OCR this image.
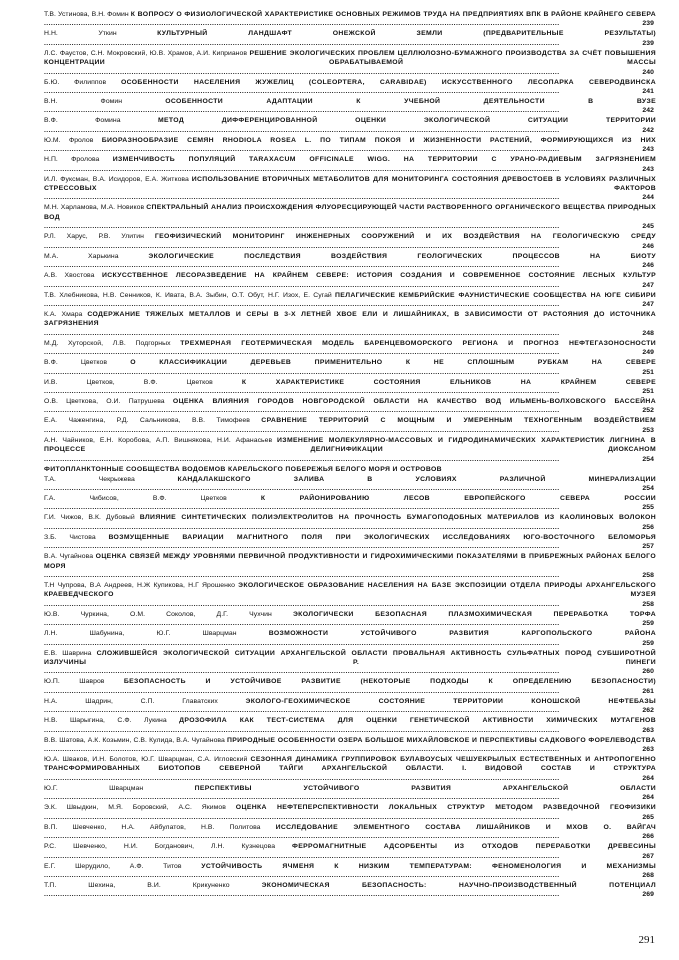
Т.В. Устинова, В.Н. Фомин К ВОПРОСУ О ФИЗИОЛОГИЧЕСКОЙ ХАРАКТЕРИСТИКЕ ОСНОВНЫХ РЕЖИМОВ ТРУДА НА ПРЕДПРИЯТИЯХ ВПК В РАЙОНЕ КРАЙНЕГО СЕВЕРА
.....
239
Н.Н. Уткин	КУЛЬТУРНЫЙ ЛАНДШАФТ ОНЕЖСКОЙ ЗЕМЛИ (ПРЕДВАРИТЕЛЬНЫЕ РЕЗУЛЬТАТЫ)
.....
239
Л.С. Фаустов, С.Н. Мокровский, Ю.В. Храмов, А.И. Киприанов РЕШЕНИЕ ЭКОЛОГИЧЕСКИХ ПРОБЛЕМ ЦЕЛЛЮЛОЗНО-БУМАЖНОГО ПРОИЗВОДСТВА ЗА СЧЁТ ПОВЫШЕНИЯ КОНЦЕНТРАЦИИ ОБРАБАТЫВАЕМОЙ МАССЫ
.....
240
Б.Ю. Филиппов ОСОБЕННОСТИ НАСЕЛЕНИЯ ЖУЖЕЛИЦ (COLEOPTERA, CARABIDAE) ИСКУССТВЕННОГО ЛЕСОПАРКА СЕВЕРОДВИНСКА
.....
241
В.Н. Фомин	ОСОБЕННОСТИ АДАПТАЦИИ К УЧЕБНОЙ ДЕЯТЕЛЬНОСТИ В ВУЗЕ
.....
242
В.Ф. Фомина	МЕТОД ДИФФЕРЕНЦИРОВАННОЙ ОЦЕНКИ ЭКОЛОГИЧЕСКОЙ СИТУАЦИИ ТЕРРИТОРИИ
.....
242
Ю.М. Фролов БИОРАЗНООБРАЗИЕ СЕМЯН RHODIOLA ROSEA L. ПО ТИПАМ ПОКОЯ И ЖИЗНЕННОСТИ РАСТЕНИЙ, ФОРМИРУЮЩИХСЯ ИЗ НИХ
.....
243
Н.П. Фролова ИЗМЕНЧИВОСТЬ ПОПУЛЯЦИЙ TARAXACUM OFFICINALE WIGG. НА ТЕРРИТОРИИ С УРАНО-РАДИЕВЫМ ЗАГРЯЗНЕНИЕМ
.....
243
И.Л. Фуксман, В.А. Исидоров, Е.А. Житкова ИСПОЛЬЗОВАНИЕ ВТОРИЧНЫХ МЕТАБОЛИТОВ ДЛЯ МОНИТОРИНГА СОСТОЯНИЯ ДРЕВОСТОЕВ В УСЛОВИЯХ РАЗЛИЧНЫХ СТРЕССОВЫХ ФАКТОРОВ
.....
244
М.Н. Харламова, М.А. Новиков СПЕКТРАЛЬНЫЙ АНАЛИЗ ПРОИСХОЖДЕНИЯ ФЛУОРЕСЦИРУЮЩЕЙ ЧАСТИ РАСТВОРЕННОГО ОРГАНИЧЕСКОГО ВЕЩЕСТВА ПРИРОДНЫХ ВОД
.....
245
Р.Л. Харус, Р.В. Улитин ГЕОФИЗИЧЕСКИЙ МОНИТОРИНГ ИНЖЕНЕРНЫХ СООРУЖЕНИЙ И ИХ ВОЗДЕЙСТВИЯ НА ГЕОЛОГИЧЕСКУЮ СРЕДУ
.....
246
М.А. Харькина	ЭКОЛОГИЧЕСКИЕ ПОСЛЕДСТВИЯ ВОЗДЕЙСТВИЯ ГЕОЛОГИЧЕСКИХ ПРОЦЕССОВ НА БИОТУ
.....
246
А.В. Хвостова ИСКУССТВЕННОЕ ЛЕСОРАЗВЕДЕНИЕ НА КРАЙНЕМ СЕВЕРЕ: ИСТОРИЯ СОЗДАНИЯ И СОВРЕМЕННОЕ СОСТОЯНИЕ ЛЕСНЫХ КУЛЬТУР
.....
247
Т.В. Хлебникова, Н.В. Сенников, К. Ивата, В.А. Зыбин, О.Т. Обут, Н.Г. Изох, Е. Сугай ПЕЛАГИЧЕСКИЕ КЕМБРИЙСКИЕ ФАУНИСТИЧЕСКИЕ СООБЩЕСТВА НА ЮГЕ СИБИРИ
.....
247
К.А. Хмара СОДЕРЖАНИЕ ТЯЖЕЛЫХ МЕТАЛЛОВ И СЕРЫ В 3-Х ЛЕТНЕЙ ХВОЕ ЕЛИ И ЛИШАЙНИКАХ, В ЗАВИСИМОСТИ ОТ РАСТОЯНИЯ ДО ИСТОЧНИКА ЗАГРЯЗНЕНИЯ
.....
248
М.Д. Хуторской, Л.В. Подгорных ТРЕХМЕРНАЯ ГЕОТЕРМИЧЕСКАЯ МОДЕЛЬ БАРЕНЦЕВОМОРСКОГО РЕГИОНА И ПРОГНОЗ НЕФТЕГАЗОНОСНОСТИ
.....
249
В.Ф. Цветков	О КЛАССИФИКАЦИИ ДЕРЕВЬЕВ ПРИМЕНИТЕЛЬНО К НЕ СПЛОШНЫМ РУБКАМ НА СЕВЕРЕ
.....
251
И.В. Цветков, В.Ф. Цветков	К ХАРАКТЕРИСТИКЕ СОСТОЯНИЯ ЕЛЬНИКОВ НА КРАЙНЕМ СЕВЕРЕ
.....
251
О.В. Цветкова, О.И. Патрушева ОЦЕНКА ВЛИЯНИЯ ГОРОДОВ НОВГОРОДСКОЙ ОБЛАСТИ НА КАЧЕСТВО ВОД ИЛЬМЕНЬ-ВОЛХОВСКОГО БАССЕЙНА
.....
252
Е.А. Чаженгина, Р.Д. Сальникова, В.В. Тимофеев СРАВНЕНИЕ ТЕРРИТОРИЙ С МОЩНЫМ И УМЕРЕННЫМ ТЕХНОГЕННЫМ ВОЗДЕЙСТВИЕМ
.....
253
А.Н. Чайников, Е.Н. Коробова, А.П. Вишнякова, Н.И. Афанасьев ИЗМЕНЕНИЕ МОЛЕКУЛЯРНО-МАССОВЫХ И ГИДРОДИНАМИЧЕСКИХ ХАРАКТЕРИСТИК ЛИГНИНА В ПРОЦЕССЕ ДЕЛИГНИФИКАЦИИ ДИОКСАНОМ
.....
254
ФИТОПЛАНКТОННЫЕ СООБЩЕСТВА ВОДОЕМОВ КАРЕЛЬСКОГО ПОБЕРЕЖЬЯ БЕЛОГО МОРЯ И ОСТРОВОВ
Т.А. Чекрыжева	КАНДАЛАКШСКОГО ЗАЛИВА В УСЛОВИЯХ РАЗЛИЧНОЙ МИНЕРАЛИЗАЦИИ
.....
254
Г.А. Чибисов, В.Ф. Цветков	К РАЙОНИРОВАНИЮ ЛЕСОВ ЕВРОПЕЙСКОГО СЕВЕРА РОССИИ
.....
255
Г.И. Чижов, В.К. Дубовый ВЛИЯНИЕ СИНТЕТИЧЕСКИХ ПОЛИЭЛЕКТРОЛИТОВ НА ПРОЧНОСТЬ БУМАГОПОДОБНЫХ МАТЕРИАЛОВ ИЗ КАОЛИНОВЫХ ВОЛОКОН
.....
256
З.Б. Чистова ВОЗМУЩЕННЫЕ ВАРИАЦИИ МАГНИТНОГО ПОЛЯ ПРИ ЭКОЛОГИЧЕСКИХ ИССЛЕДОВАНИЯХ ЮГО-ВОСТОЧНОГО БЕЛОМОРЬЯ
.....
257
В.А. Чугайнова ОЦЕНКА СВЯЗЕЙ МЕЖДУ УРОВНЯМИ ПЕРВИЧНОЙ ПРОДУКТИВНОСТИ И ГИДРОХИМИЧЕСКИМИ ПОКАЗАТЕЛЯМИ В ПРИБРЕЖНЫХ РАЙОНАХ БЕЛОГО МОРЯ
.....
258
Т.Н Чупрова, В.А Андреев, Н.Ж Купикова, Н.Г Ярошенко ЭКОЛОГИЧЕСКОЕ ОБРАЗОВАНИЕ НАСЕЛЕНИЯ НА БАЗЕ ЭКСПОЗИЦИИ ОТДЕЛА ПРИРОДЫ АРХАНГЕЛЬСКОГО КРАЕВЕДЧЕСКОГО МУЗЕЯ
.....
258
Ю.В. Чуркина, О.М. Соколов, Д.Г. Чухчин	ЭКОЛОГИЧЕСКИ БЕЗОПАСНАЯ ПЛАЗМОХИМИЧЕСКАЯ ПЕРЕРАБОТКА ТОРФА
.....
259
Л.Н. Шабунина, Ю.Г. Шварцман	ВОЗМОЖНОСТИ УСТОЙЧИВОГО РАЗВИТИЯ КАРГОПОЛЬСКОГО РАЙОНА
.....
259
Е.В. Шаврина СЛОЖИВШЕЙСЯ ЭКОЛОГИЧЕСКОЙ СИТУАЦИИ АРХАНГЕЛЬСКОЙ ОБЛАСТИ ПРОВАЛЬНАЯ АКТИВНОСТЬ СУЛЬФАТНЫХ ПОРОД СУБШИРОТНОЙ ИЗЛУЧИНЫ Р. ПИНЕГИ
.....
260
Ю.П. Шавров	БЕЗОПАСНОСТЬ И УСТОЙЧИВОЕ РАЗВИТИЕ (НЕКОТОРЫЕ ПОДХОДЫ К ОПРЕДЕЛЕНИЮ БЕЗОПАСНОСТИ)
.....
261
Н.А. Шадрин, С.П. Главатских	ЭКОЛОГО-ГЕОХИМИЧЕСКОЕ СОСТОЯНИЕ ТЕРРИТОРИИ КОНОШСКОЙ НЕФТЕБАЗЫ
.....
262
Н.В. Шарыгина, С.Ф. Лукина ДРОЗОФИЛА КАК ТЕСТ-СИСТЕМА ДЛЯ ОЦЕНКИ ГЕНЕТИЧЕСКОЙ АКТИВНОСТИ ХИМИЧЕСКИХ МУТАГЕНОВ
.....
263
В.В. Шатова, А.К. Козьмин, С.В. Кулида, В.А. Чугайнова ПРИРОДНЫЕ ОСОБЕННОСТИ ОЗЕРА БОЛЬШОЕ МИХАЙЛОВСКОЕ И ПЕРСПЕКТИВЫ САДКОВОГО ФОРЕЛЕВОДСТВА
.....
263
Ю.А. Шваков, И.Н. Болотов, Ю.Г. Шварцман, С.А. Игловский СЕЗОННАЯ ДИНАМИКА ГРУППИРОВОК БУЛАВОУСЫХ ЧЕШУЕКРЫЛЫХ ЕСТЕСТВЕННЫХ И АНТРОПОГЕННО ТРАНСФОРМИРОВАННЫХ БИОТОПОВ СЕВЕРНОЙ ТАЙГИ АРХАНГЕЛЬСКОЙ ОБЛАСТИ. I. ВИДОВОЙ СОСТАВ И СТРУКТУРА
.....
264
Ю.Г. Шварцман	ПЕРСПЕКТИВЫ УСТОЙЧИВОГО РАЗВИТИЯ АРХАНГЕЛЬСКОЙ ОБЛАСТИ
.....
264
Э.К. Швыдкин, М.Я. Боровский, А.С. Якимов ОЦЕНКА НЕФТЕПЕРСПЕКТИВНОСТИ ЛОКАЛЬНЫХ СТРУКТУР МЕТОДОМ РАЗВЕДОЧНОЙ ГЕОФИЗИКИ
.....
265
В.П. Шевченко, Н.А. Айбулатов, Н.В. Политова ИССЛЕДОВАНИЕ ЭЛЕМЕНТНОГО СОСТАВА ЛИШАЙНИКОВ И МХОВ О. ВАЙГАЧ
.....
266
Р.С. Шевченко, Н.И. Богданович, Л.Н. Кузнецова ФЕРРОМАГНИТНЫЕ АДСОРБЕНТЫ ИЗ ОТХОДОВ ПЕРЕРАБОТКИ ДРЕВЕСИНЫ
.....
267
Е.Г. Шерудило, А.Ф. Титов	УСТОЙЧИВОСТЬ ЯЧМЕНЯ К НИЗКИМ ТЕМПЕРАТУРАМ: ФЕНОМЕНОЛОГИЯ И МЕХАНИЗМЫ
.....
268
Т.П. Шехина, В.И. Крикуненко	ЭКОНОМИЧЕСКАЯ БЕЗОПАСНОСТЬ: НАУЧНО-ПРОИЗВОДСТВЕННЫЙ ПОТЕНЦИАЛ
.....
269
291
